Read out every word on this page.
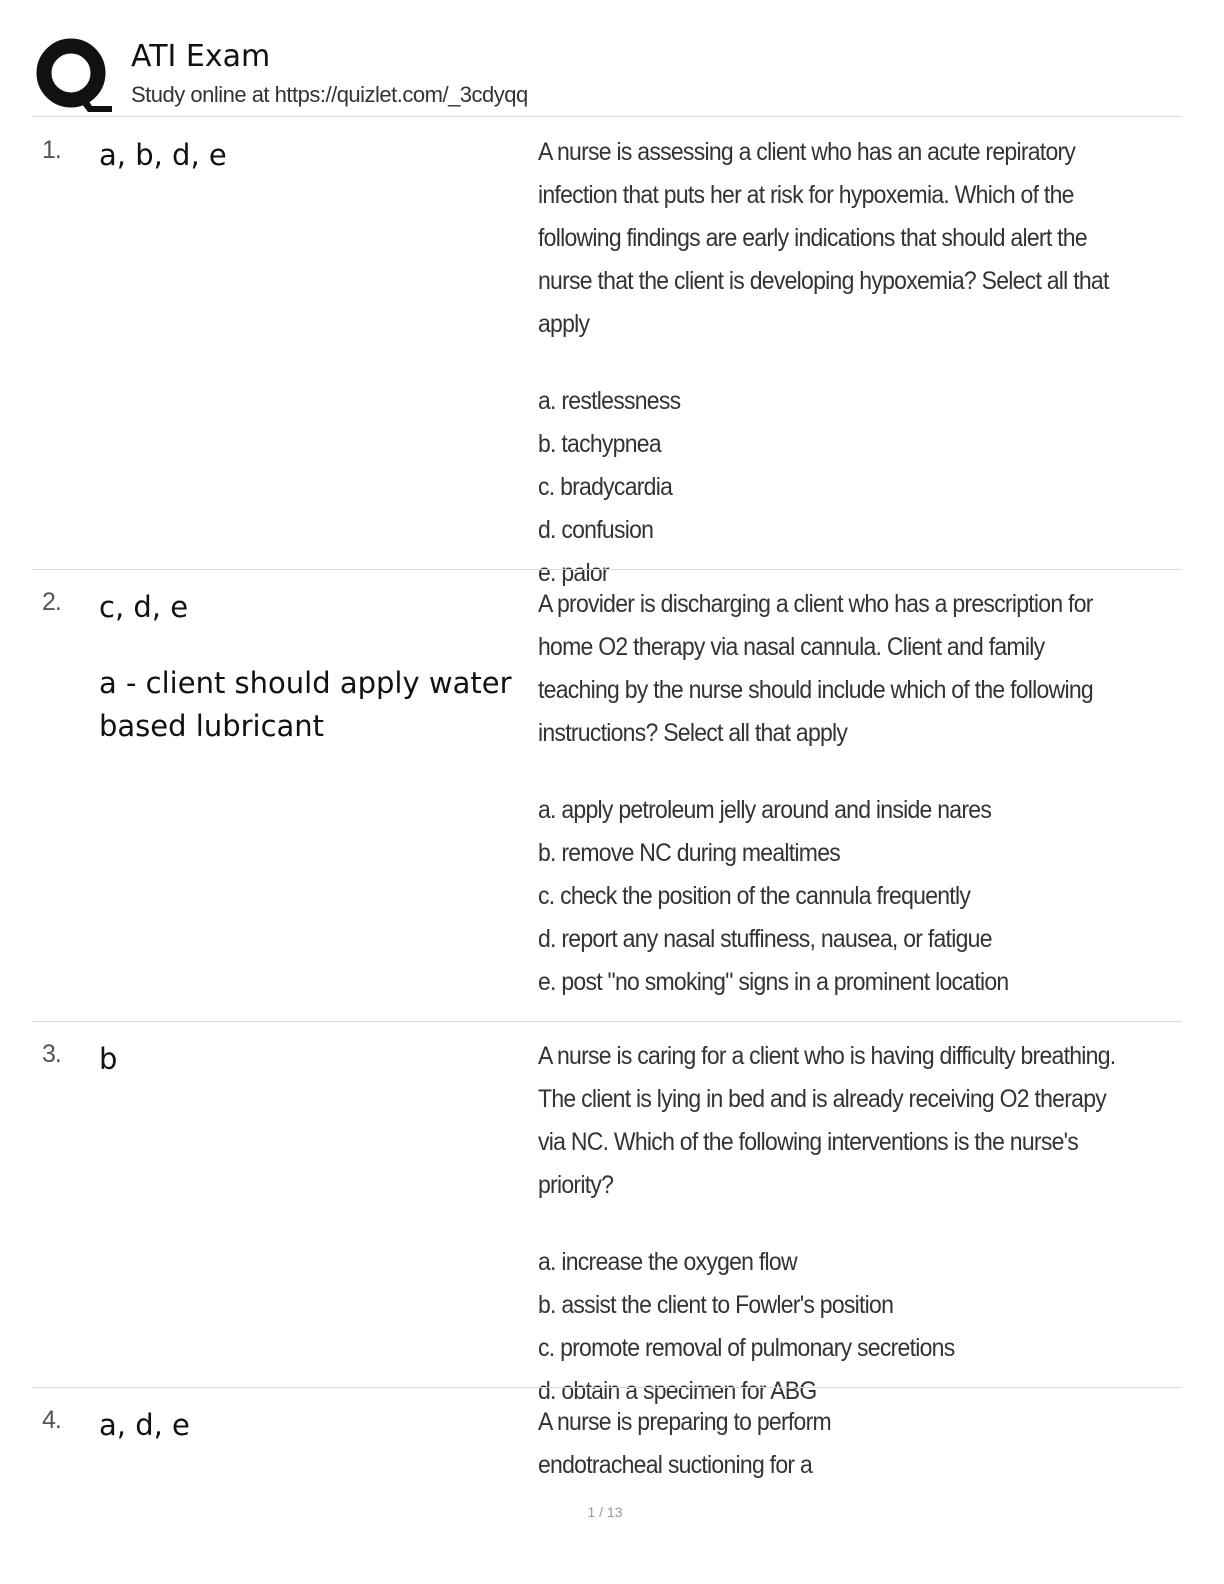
ATI Exam
Study online at https://quizlet.com/_3cdyqq
1. a, b, d, e	A nurse is assessing a client who has an acute repiratory infection that puts her at risk for hypoxemia. Which of the following findings are early indications that should alert the nurse that the client is developing hypoxemia? Select all that apply
a. restlessness
b. tachypnea
c. bradycardia
d. confusion
e. palor
2. c, d, e
a - client should apply water based lubricant
A provider is discharging a client who has a prescription for home O2 therapy via nasal cannula. Client and family teaching by the nurse should include which of the following instructions? Select all that apply
a. apply petroleum jelly around and inside nares
b. remove NC during mealtimes
c. check the position of the cannula frequently
d. report any nasal stuffiness, nausea, or fatigue
e. post "no smoking" signs in a prominent location
3. b	A nurse is caring for a client who is having difficulty breathing. The client is lying in bed and is already receiving O2 therapy via NC. Which of the following interventions is the nurse's priority?
a. increase the oxygen flow
b. assist the client to Fowler's position
c. promote removal of pulmonary secretions
d. obtain a specimen for ABG
4. a, d, e	A nurse is preparing to perform endotracheal suctioning for a
1 / 13
